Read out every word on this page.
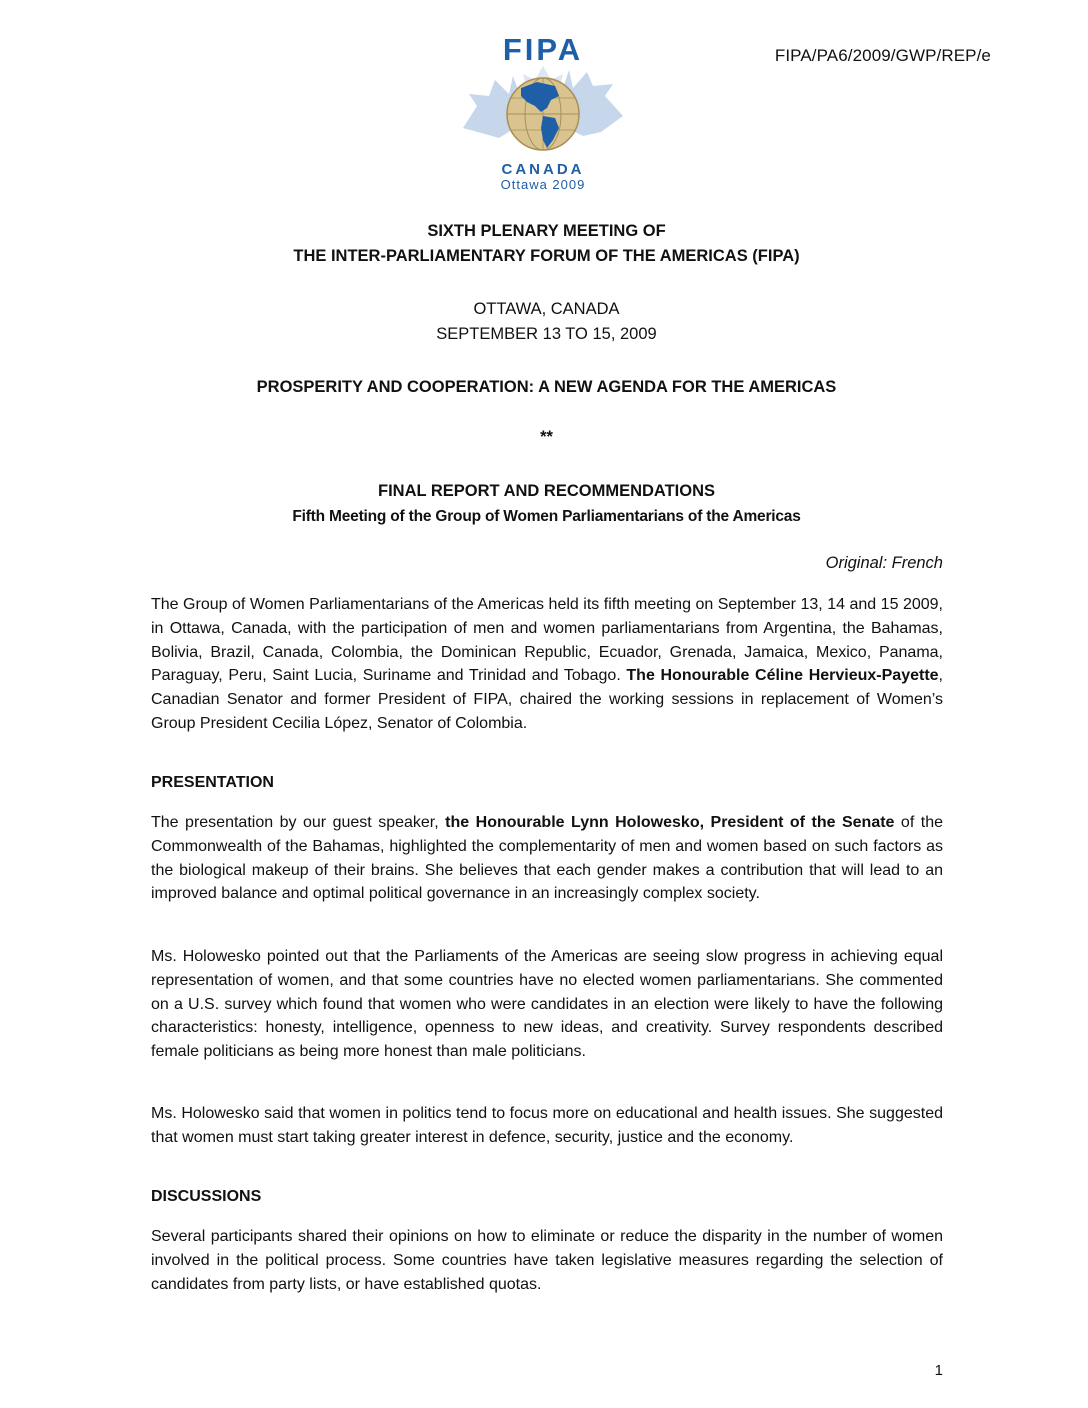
FIPA/PA6/2009/GWP/REP/e
FIPA
CANADA
Ottawa 2009
SIXTH PLENARY MEETING OF
THE INTER-PARLIAMENTARY FORUM OF THE AMERICAS (FIPA)
OTTAWA, CANADA
SEPTEMBER 13 TO 15, 2009
PROSPERITY AND COOPERATION: A NEW AGENDA FOR THE AMERICAS
**
FINAL REPORT AND RECOMMENDATIONS
Fifth Meeting of the Group of Women Parliamentarians of the Americas
Original: French

The Group of Women Parliamentarians of the Americas held its fifth meeting on September 13, 14 and 15 2009, in Ottawa, Canada, with the participation of men and women parliamentarians from Argentina, the Bahamas, Bolivia, Brazil, Canada, Colombia, the Dominican Republic, Ecuador, Grenada, Jamaica, Mexico, Panama, Paraguay, Peru, Saint Lucia, Suriname and Trinidad and Tobago. The Honourable Céline Hervieux-Payette, Canadian Senator and former President of FIPA, chaired the working sessions in replacement of Women’s Group President Cecilia López, Senator of Colombia.

PRESENTATION

The presentation by our guest speaker, the Honourable Lynn Holowesko, President of the Senate of the Commonwealth of the Bahamas, highlighted the complementarity of men and women based on such factors as the biological makeup of their brains. She believes that each gender makes a contribution that will lead to an improved balance and optimal political governance in an increasingly complex society.

Ms. Holowesko pointed out that the Parliaments of the Americas are seeing slow progress in achieving equal representation of women, and that some countries have no elected women parliamentarians. She commented on a U.S. survey which found that women who were candidates in an election were likely to have the following characteristics: honesty, intelligence, openness to new ideas, and creativity. Survey respondents described female politicians as being more honest than male politicians.

Ms. Holowesko said that women in politics tend to focus more on educational and health issues. She suggested that women must start taking greater interest in defence, security, justice and the economy.

DISCUSSIONS

Several participants shared their opinions on how to eliminate or reduce the disparity in the number of women involved in the political process. Some countries have taken legislative measures regarding the selection of candidates from party lists, or have established quotas.

1
